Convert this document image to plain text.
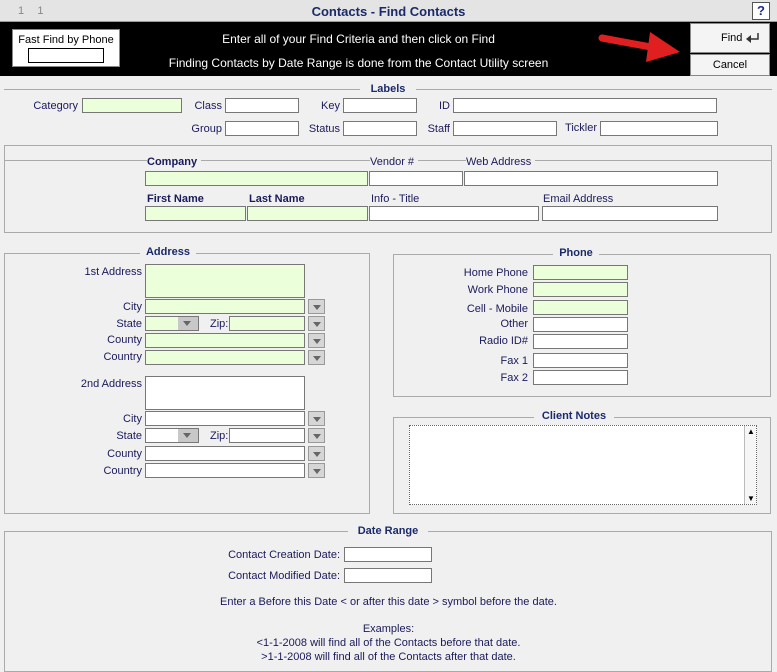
11	Contacts - Find Contacts	?
Fast Find by Phone	Enter all of your Find Criteria and then click on Find
Finding Contacts by Date Range is done from the Contact Utility screen
Find
Cancel
Labels
Category	Class	Key	ID
Group	Status	Staff	Tickler
Company	Vendor #	Web Address
First Name	Last Name	Info - Title	Email Address
Address
1st Address
City
State	Zip:
County
Country
2nd Address
City
State	Zip:
County
Country
Phone
Home Phone
Work Phone
Cell - Mobile
Other
Radio ID#
Fax 1
Fax 2
Client Notes
▲
▼
Date Range
Contact Creation Date:
Contact Modified Date:
Enter a Before this Date < or after this date > symbol before the date.
Examples:
<1-1-2008 will find all of the Contacts before that date.
>1-1-2008 will find all of the Contacts after that date.
